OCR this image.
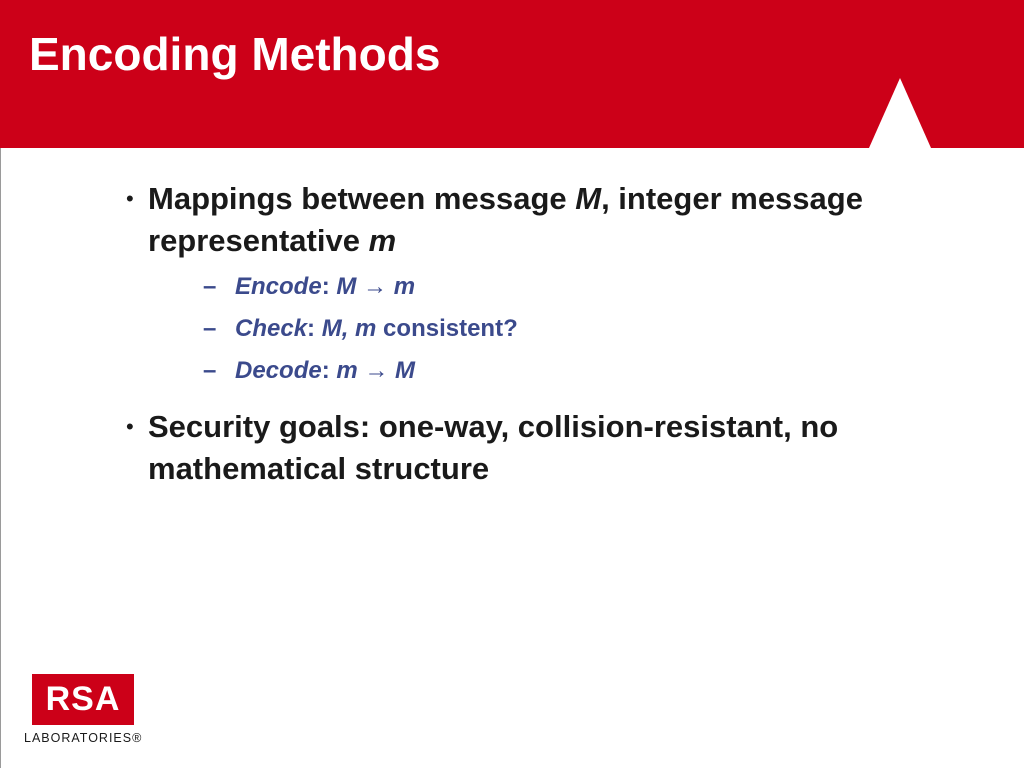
Encoding Methods
• Mappings between message M, integer message representative m
– Encode: M → m
– Check: M, m consistent?
– Decode: m → M
• Security goals: one-way, collision-resistant, no mathematical structure
RSA
LABORATORIES®
